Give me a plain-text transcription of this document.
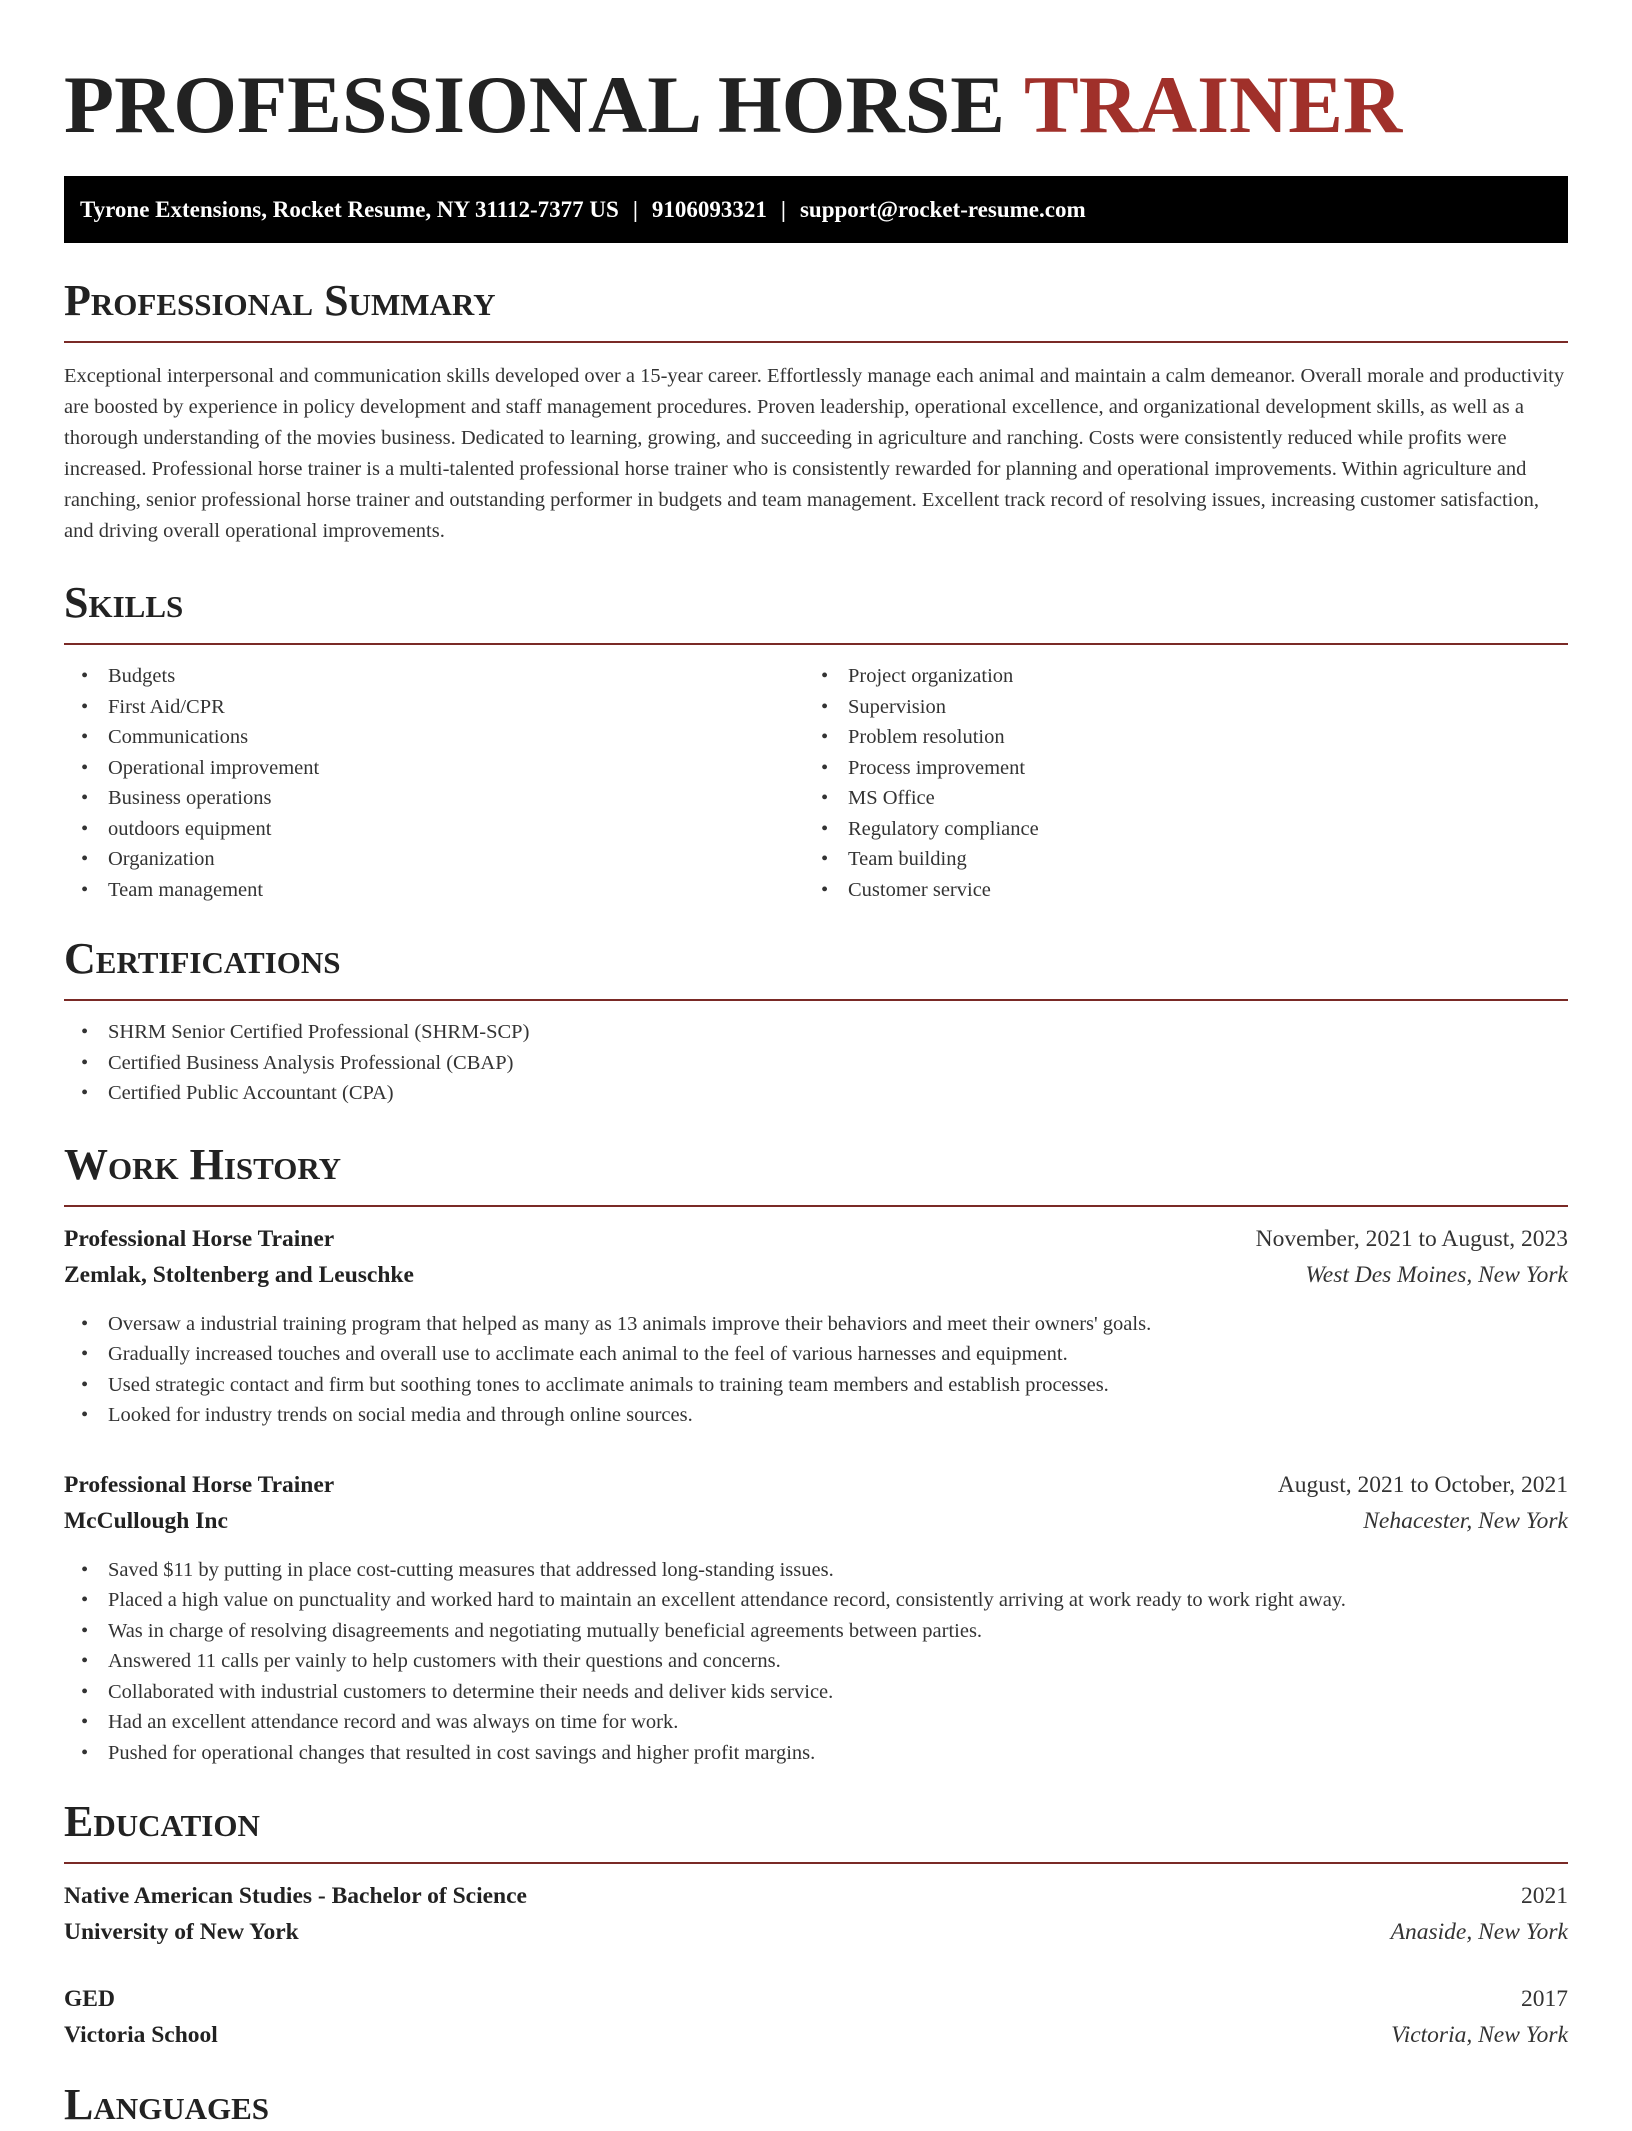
PROFESSIONAL HORSE TRAINER
Tyrone Extensions, Rocket Resume, NY 31112-7377 US | 9106093321 | support@rocket-resume.com
Professional Summary

Exceptional interpersonal and communication skills developed over a 15-year career. Effortlessly manage each animal and maintain a calm demeanor. Overall morale and productivity are boosted by experience in policy development and staff management procedures. Proven leadership, operational excellence, and organizational development skills, as well as a thorough understanding of the movies business. Dedicated to learning, growing, and succeeding in agriculture and ranching. Costs were consistently reduced while profits were increased. Professional horse trainer is a multi-talented professional horse trainer who is consistently rewarded for planning and operational improvements. Within agriculture and ranching, senior professional horse trainer and outstanding performer in budgets and team management. Excellent track record of resolving issues, increasing customer satisfaction, and driving overall operational improvements.

Skills
• Budgets
• First Aid/CPR
• Communications
• Operational improvement
• Business operations
• outdoors equipment
• Organization
• Team management
• Project organization
• Supervision
• Problem resolution
• Process improvement
• MS Office
• Regulatory compliance
• Team building
• Customer service
Certifications
• SHRM Senior Certified Professional (SHRM-SCP)
• Certified Business Analysis Professional (CBAP)
• Certified Public Accountant (CPA)
Work History
Professional Horse Trainer	November, 2021 to August, 2023
Zemlak, Stoltenberg and Leuschke	West Des Moines, New York
• Oversaw a industrial training program that helped as many as 13 animals improve their behaviors and meet their owners' goals.
• Gradually increased touches and overall use to acclimate each animal to the feel of various harnesses and equipment.
• Used strategic contact and firm but soothing tones to acclimate animals to training team members and establish processes.
• Looked for industry trends on social media and through online sources.
Professional Horse Trainer	August, 2021 to October, 2021
McCullough Inc	Nehacester, New York
• Saved $11 by putting in place cost-cutting measures that addressed long-standing issues.
• Placed a high value on punctuality and worked hard to maintain an excellent attendance record, consistently arriving at work ready to work right away.
• Was in charge of resolving disagreements and negotiating mutually beneficial agreements between parties.
• Answered 11 calls per vainly to help customers with their questions and concerns.
• Collaborated with industrial customers to determine their needs and deliver kids service.
• Had an excellent attendance record and was always on time for work.
• Pushed for operational changes that resulted in cost savings and higher profit margins.
Education
Native American Studies - Bachelor of Science	2021
University of New York	Anaside, New York
GED	2017
Victoria School	Victoria, New York
Languages
